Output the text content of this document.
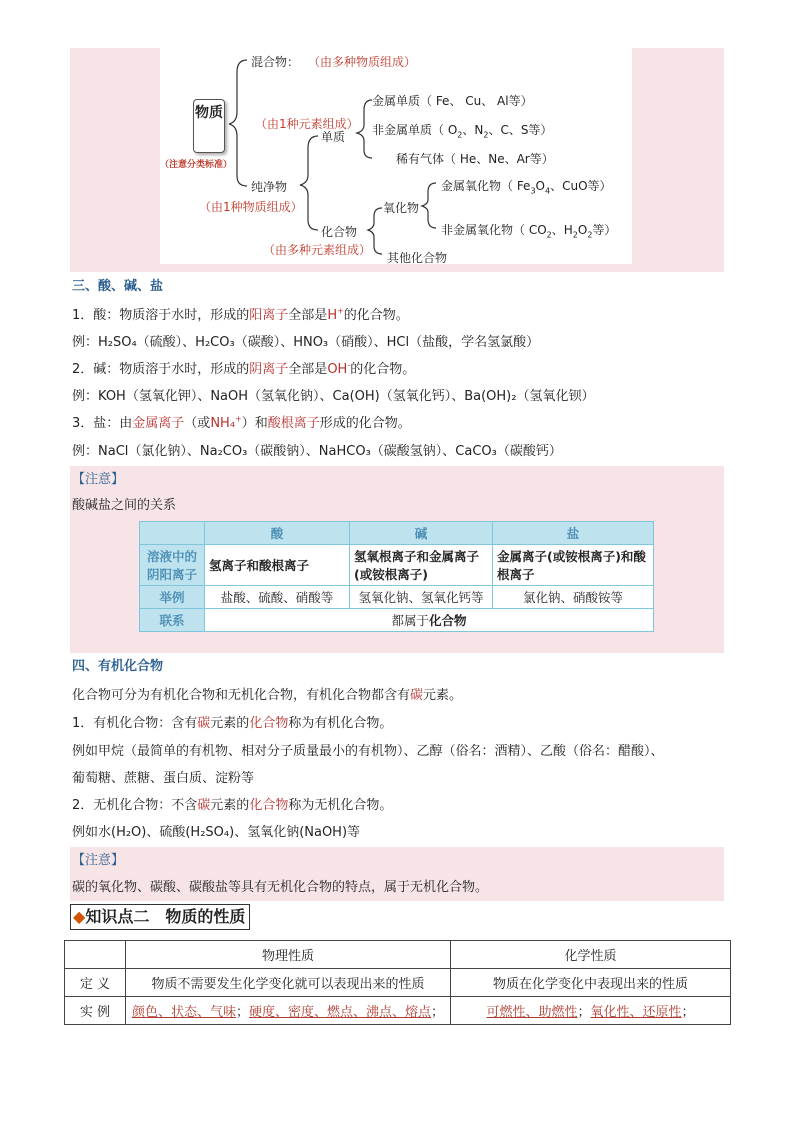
物质
（注意分类标准）
混合物： （由多种物质组成）
（由1种元素组成）
单质
金属单质（ Fe、 Cu、 Al等）
非金属单质（ $O_2$、$N_2$、C、S等）
稀有气体（ He、Ne、Ar等）
纯净物
（由1种物质组成）
金属氧化物（ $Fe_3O_4$、CuO等）
氧化物
化合物	非金属氧化物（ $CO_2$、$H_2O_2$等）
（由多种元素组成）
其他化合物
三、酸、碱、盐
1．酸：物质溶于水时，形成的阳离子全部是H+的化合物。
例：H₂SO₄（硫酸）、H₂CO₃（碳酸）、HNO₃（硝酸）、HCl（盐酸，学名氢氯酸）
2．碱：物质溶于水时，形成的阴离子全部是OH-的化合物。
例：KOH（氢氧化钾）、NaOH（氢氧化钠）、Ca(OH)（氢氧化钙）、Ba(OH)₂（氢氧化钡）
3．盐：由金属离子（或NH₄+）和酸根离子形成的化合物。
例：NaCl（氯化钠）、Na₂CO₃（碳酸钠）、NaHCO₃（碳酸氢钠）、CaCO₃（碳酸钙）
【注意】
酸碱盐之间的关系
	酸	碱	盐
溶液中的阴阳离子	氢离子和酸根离子	氢氧根离子和金属离子(或铵根离子)	金属离子(或铵根离子)和酸根离子
举例	盐酸、硫酸、硝酸等	氢氧化钠、氢氧化钙等	氯化钠、硝酸铵等
联系	都属于化合物		
四、有机化合物
化合物可分为有机化合物和无机化合物，有机化合物都含有碳元素。
1．有机化合物：含有碳元素的化合物称为有机化合物。
例如甲烷（最简单的有机物、相对分子质量最小的有机物）、乙醇（俗名：酒精）、乙酸（俗名：醋酸）、
葡萄糖、蔗糖、蛋白质、淀粉等
2．无机化合物：不含碳元素的化合物称为无机化合物。
例如水(H₂O)、硫酸(H₂SO₄)、氢氧化钠(NaOH)等
【注意】
碳的氧化物、碳酸、碳酸盐等具有无机化合物的特点，属于无机化合物。
◆知识点二　物质的性质
	物理性质	化学性质
定 义	物质不需要发生化学变化就可以表现出来的性质	物质在化学变化中表现出来的性质
实 例	颜色、状态、气味；硬度、密度、燃点、沸点、熔点；	可燃性、助燃性；氧化性、还原性；
